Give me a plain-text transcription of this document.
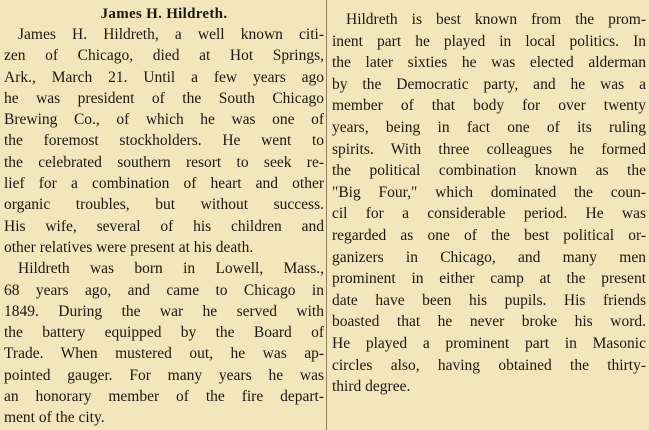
James H. Hildreth.
James H. Hildreth, a well known citi-
zen of Chicago, died at Hot Springs,
Ark., March 21. Until a few years ago
he was president of the South Chicago
Brewing Co., of which he was one of
the foremost stockholders. He went to
the celebrated southern resort to seek re-
lief for a combination of heart and other
organic troubles, but without success.
His wife, several of his children and
other relatives were present at his death.
Hildreth was born in Lowell, Mass.,
68 years ago, and came to Chicago in
1849. During the war he served with
the battery equipped by the Board of
Trade. When mustered out, he was ap-
pointed gauger. For many years he was
an honorary member of the fire depart-
ment of the city.
Hildreth is best known from the prom-
inent part he played in local politics. In
the later sixties he was elected alderman
by the Democratic party, and he was a
member of that body for over twenty
years, being in fact one of its ruling
spirits. With three colleagues he formed
the political combination known as the
"Big Four," which dominated the coun-
cil for a considerable period. He was
regarded as one of the best political or-
ganizers in Chicago, and many men
prominent in either camp at the present
date have been his pupils. His friends
boasted that he never broke his word.
He played a prominent part in Masonic
circles also, having obtained the thirty-
third degree.
